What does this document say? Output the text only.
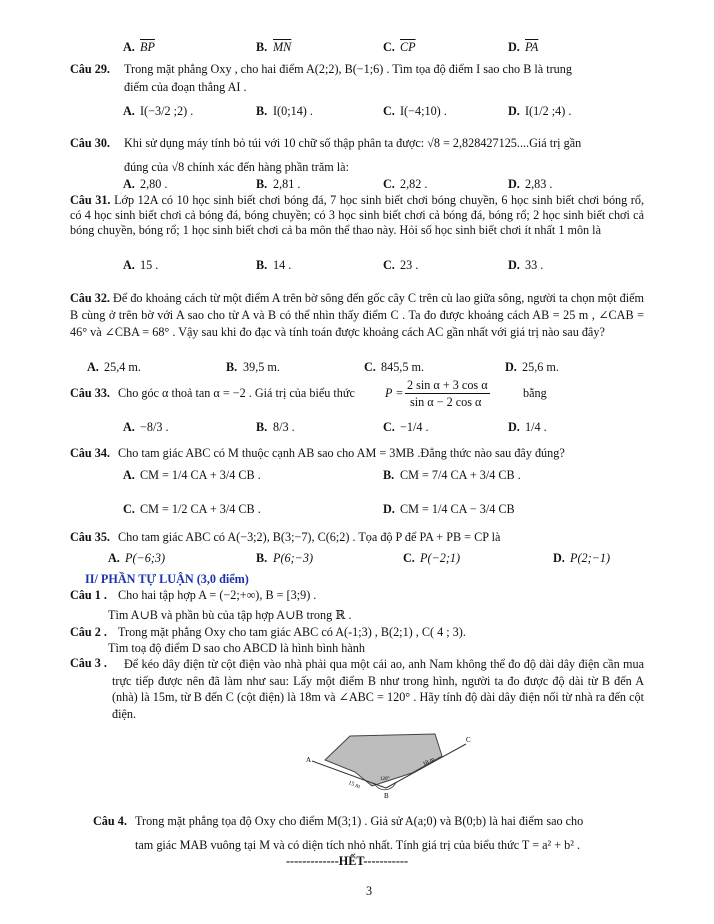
A. $\overline{BP}$	B. $\overline{MN}$	C. $\overline{CP}$	D. $\overline{PA}$
Câu 29. Trong mặt phẳng Oxy , cho hai điểm A(2;2), B(−1;6) . Tìm tọa độ điểm I sao cho B là trung
điểm của đoạn thẳng AI .
A. I(−3/2 ;2) .	B. I(0;14) .	C. I(−4;10) .	D. I(1/2 ;4) .
Câu 30. Khi sử dụng máy tính bỏ túi với 10 chữ số thập phân ta được: √8 = 2,828427125....Giá trị gần
đúng của √8 chính xác đến hàng phần trăm là:
A. 2,80 .	B. 2,81 .	C. 2,82 .	D. 2,83 .
Câu 31. Lớp 12A có 10 học sinh biết chơi bóng đá, 7 học sinh biết chơi bóng chuyền, 6 học sinh biết chơi bóng rổ, có 4 học sinh biết chơi cả bóng đá, bóng chuyền; có 3 học sinh biết chơi cả bóng đá, bóng rổ; 2 học sinh biết chơi cả bóng chuyền, bóng rổ; 1 học sinh biết chơi cả ba môn thể thao này. Hỏi số học sinh biết chơi ít nhất 1 môn là
A. 15 .	B. 14 .	C. 23 .	D. 33 .
Câu 32. Để đo khoảng cách từ một điểm A trên bờ sông đến gốc cây C trên cù lao giữa sông, người ta chọn một điểm B cùng ở trên bờ với A sao cho từ A và B có thể nhìn thấy điểm C . Ta đo được khoảng cách AB = 25 m , ∠CAB = 46° và ∠CBA = 68° . Vậy sau khi đo đạc và tính toán được khoảng cách AC gần nhất với giá trị nào sau đây?
A. 25,4 m.	B. 39,5 m.	C. 845,5 m.	D. 25,6 m.
Câu 33. Cho góc α thoả tan α = −2 . Giá trị của biểu thức P =
2 sin α + 3 cos α
sin α − 2 cos α
bằng
A. −8/3 .	B. 8/3 .	C. −1/4 .	D. 1/4 .
Câu 34. Cho tam giác ABC có M thuộc cạnh AB sao cho AM = 3MB .Đẳng thức nào sau đây đúng?
A. CM = 1/4 CA + 3/4 CB .	B. CM = 7/4 CA + 3/4 CB .
C. CM = 1/2 CA + 3/4 CB .	D. CM = 1/4 CA − 3/4 CB
Câu 35. Cho tam giác ABC có A(−3;2), B(3;−7), C(6;2) . Tọa độ P để PA + PB = CP là
A. P(−6;3)	B. P(6;−3)	C. P(−2;1)	D. P(2;−1)
II/ PHẦN TỰ LUẬN (3,0 điểm)
Câu 1 . Cho hai tập hợp A = (−2;+∞), B = [3;9) .
Tìm A∪B và phần bù của tập hợp A∪B trong ℝ .
Câu 2 . Trong mặt phẳng Oxy cho tam giác ABC có A(-1;3) , B(2;1) , C( 4 ; 3).
Tìm toạ độ điểm D sao cho ABCD là hình bình hành
Câu 3 .	Để kéo dây điện từ cột điện vào nhà phải qua một cái ao, anh Nam không thể đo độ dài dây điện cần mua trực tiếp được nên đã làm như sau: Lấy một điểm B như trong hình, người ta đo được độ dài từ B đến A (nhà) là 15m, từ B đến C (cột điện) là 18m và ∠ABC = 120° . Hãy tính độ dài dây điện nối từ nhà ra đến cột điện.
A
B
C
15 m
18 m
120°
Câu 4. Trong mặt phẳng tọa độ Oxy cho điểm M(3;1) . Giả sử A(a;0) và B(0;b) là hai điểm sao cho
tam giác MAB vuông tại M và có diện tích nhỏ nhất. Tính giá trị của biểu thức T = a² + b² .
-------------HẾT-----------
3
